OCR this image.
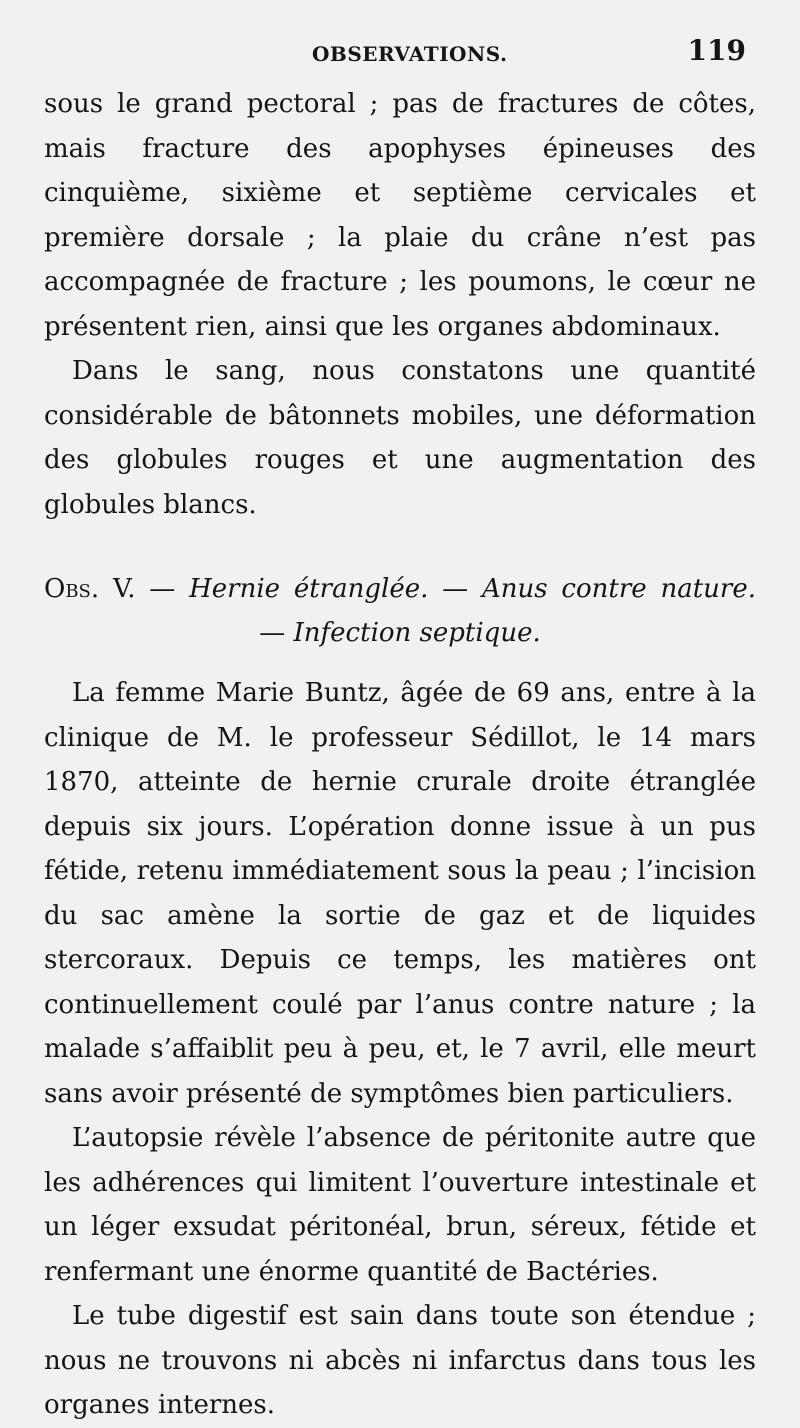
OBSERVATIONS.	119

sous le grand pectoral ; pas de fractures de côtes, mais fracture des apophyses épineuses des cinquième, sixième et septième cervicales et première dorsale ; la plaie du crâne n’est pas accompagnée de fracture ; les poumons, le cœur ne présentent rien, ainsi que les organes abdominaux.

Dans le sang, nous constatons une quantité considérable de bâtonnets mobiles, une déformation des globules rouges et une augmentation des globules blancs.

Obs. V. — Hernie étranglée. — Anus contre nature.
— Infection septique.

La femme Marie Buntz, âgée de 69 ans, entre à la clinique de M. le professeur Sédillot, le 14 mars 1870, atteinte de hernie crurale droite étranglée depuis six jours. L’opération donne issue à un pus fétide, retenu immédiatement sous la peau ; l’incision du sac amène la sortie de gaz et de liquides stercoraux. Depuis ce temps, les matières ont continuellement coulé par l’anus contre nature ; la malade s’affaiblit peu à peu, et, le 7 avril, elle meurt sans avoir présenté de symptômes bien particuliers.

L’autopsie révèle l’absence de péritonite autre que les adhérences qui limitent l’ouverture intestinale et un léger exsudat péritonéal, brun, séreux, fétide et renfermant une énorme quantité de Bactéries.

Le tube digestif est sain dans toute son étendue ; nous ne trouvons ni abcès ni infarctus dans tous les organes internes.
